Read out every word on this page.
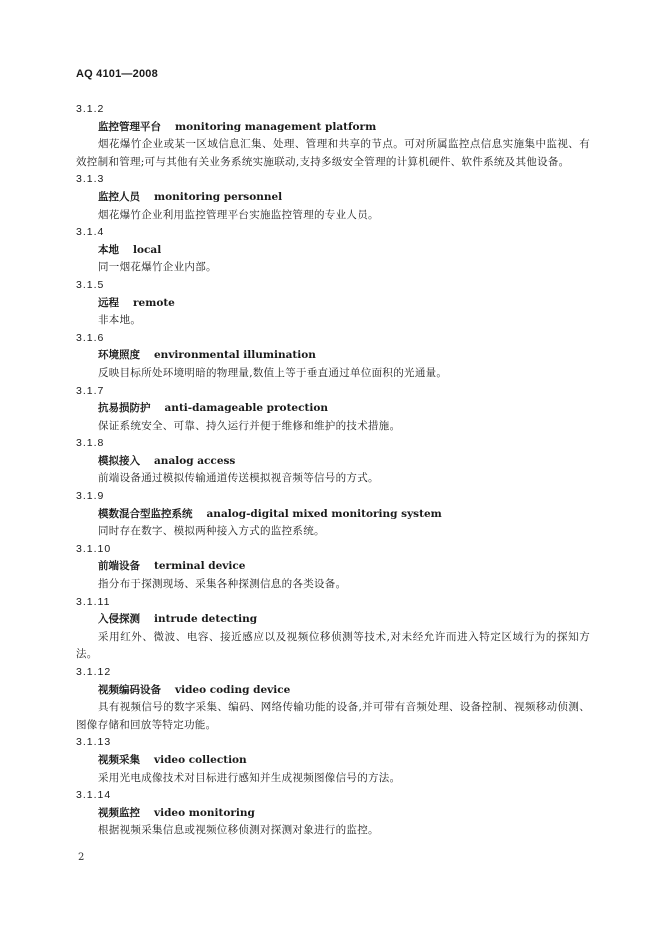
AQ 4101—2008
3.1.2
监控管理平台 monitoring management platform
烟花爆竹企业或某一区域信息汇集、处理、管理和共享的节点。可对所属监控点信息实施集中监视、有效控制和管理;可与其他有关业务系统实施联动,支持多级安全管理的计算机硬件、软件系统及其他设备。
3.1.3
监控人员 monitoring personnel
烟花爆竹企业利用监控管理平台实施监控管理的专业人员。
3.1.4
本地 local
同一烟花爆竹企业内部。
3.1.5
远程 remote
非本地。
3.1.6
环境照度 environmental illumination
反映目标所处环境明暗的物理量,数值上等于垂直通过单位面积的光通量。
3.1.7
抗易损防护 anti-damageable protection
保证系统安全、可靠、持久运行并便于维修和维护的技术措施。
3.1.8
模拟接入 analog access
前端设备通过模拟传输通道传送模拟视音频等信号的方式。
3.1.9
模数混合型监控系统 analog-digital mixed monitoring system
同时存在数字、模拟两种接入方式的监控系统。
3.1.10
前端设备 terminal device
指分布于探测现场、采集各种探测信息的各类设备。
3.1.11
入侵探测 intrude detecting
采用红外、微波、电容、接近感应以及视频位移侦测等技术,对未经允许而进入特定区域行为的探知方法。
3.1.12
视频编码设备 video coding device
具有视频信号的数字采集、编码、网络传输功能的设备,并可带有音频处理、设备控制、视频移动侦测、图像存储和回放等特定功能。
3.1.13
视频采集 video collection
采用光电成像技术对目标进行感知并生成视频图像信号的方法。
3.1.14
视频监控 video monitoring
根据视频采集信息或视频位移侦测对探测对象进行的监控。
2
